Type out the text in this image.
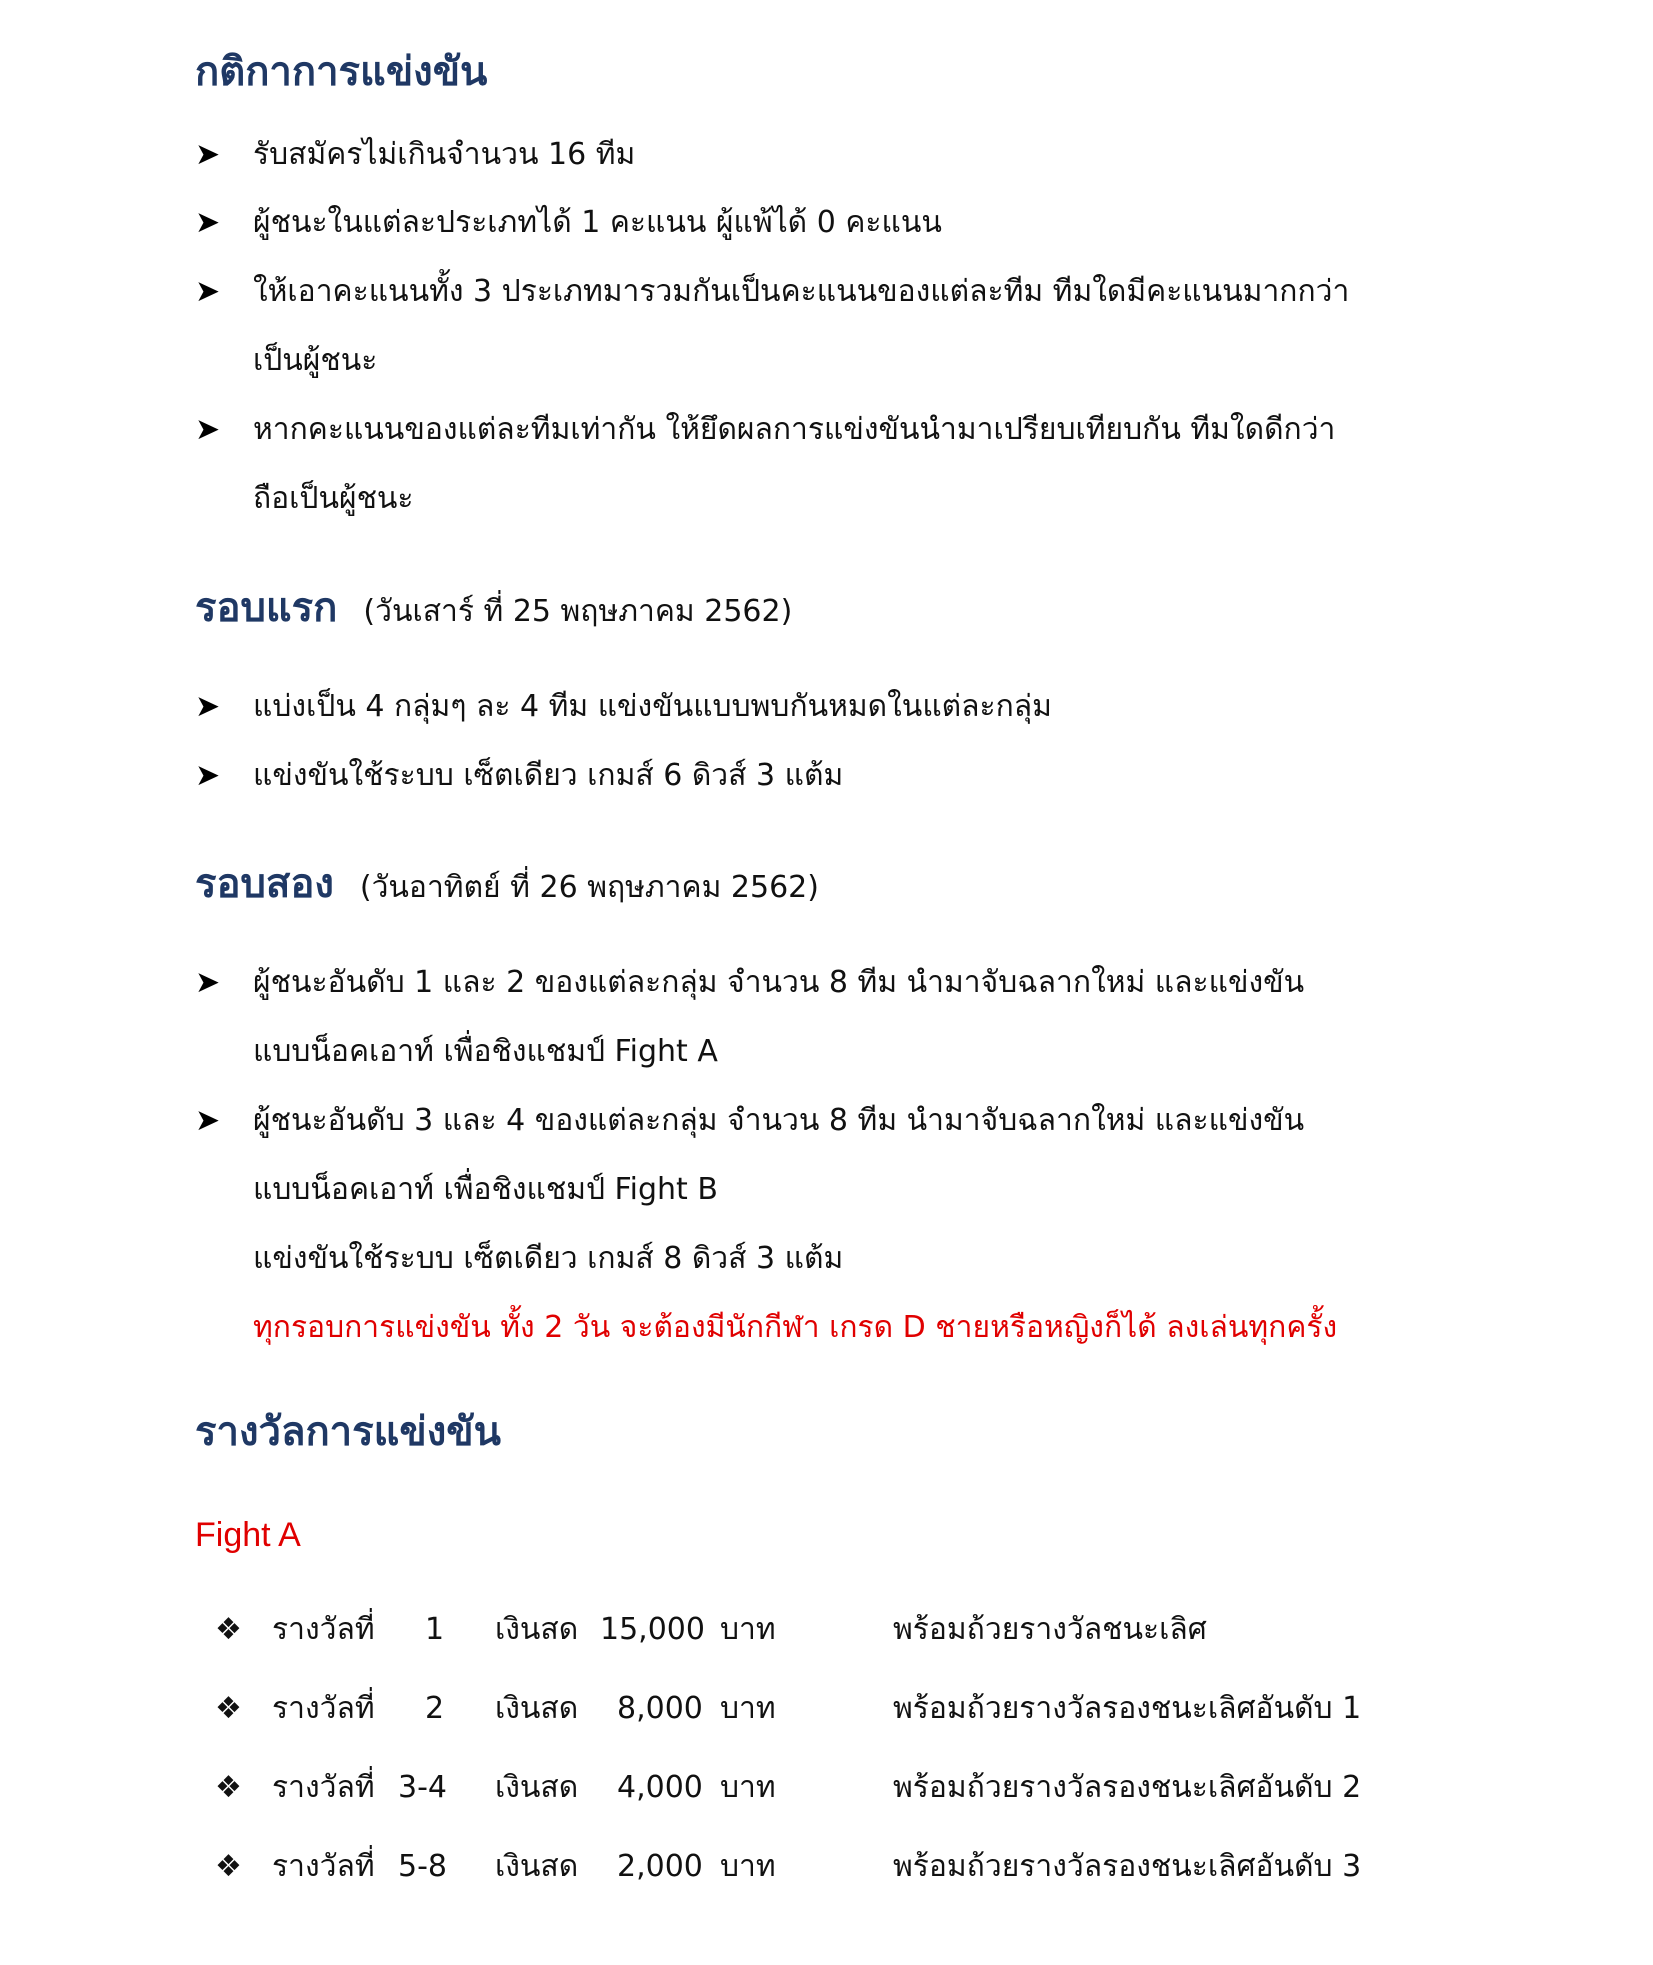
กติกาการแข่งขัน
➤ รับสมัครไม่เกินจำนวน 16 ทีม
➤ ผู้ชนะในแต่ละประเภทได้ 1 คะแนน ผู้แพ้ได้ 0 คะแนน
➤ ให้เอาคะแนนทั้ง 3 ประเภทมารวมกันเป็นคะแนนของแต่ละทีม ทีมใดมีคะแนนมากกว่า
เป็นผู้ชนะ
➤ หากคะแนนของแต่ละทีมเท่ากัน ให้ยึดผลการแข่งขันนำมาเปรียบเทียบกัน ทีมใดดีกว่า
ถือเป็นผู้ชนะ
รอบแรก (วันเสาร์ ที่ 25 พฤษภาคม 2562)
➤ แบ่งเป็น 4 กลุ่มๆ ละ 4 ทีม แข่งขันแบบพบกันหมดในแต่ละกลุ่ม
➤ แข่งขันใช้ระบบ เซ็ตเดียว เกมส์ 6 ดิวส์ 3 แต้ม
รอบสอง (วันอาทิตย์ ที่ 26 พฤษภาคม 2562)
➤ ผู้ชนะอันดับ 1 และ 2 ของแต่ละกลุ่ม จำนวน 8 ทีม นำมาจับฉลากใหม่ และแข่งขัน
แบบน็อคเอาท์ เพื่อชิงแชมป์ Fight A
➤ ผู้ชนะอันดับ 3 และ 4 ของแต่ละกลุ่ม จำนวน 8 ทีม นำมาจับฉลากใหม่ และแข่งขัน
แบบน็อคเอาท์ เพื่อชิงแชมป์ Fight B
แข่งขันใช้ระบบ เซ็ตเดียว เกมส์ 8 ดิวส์ 3 แต้ม
ทุกรอบการแข่งขัน ทั้ง 2 วัน จะต้องมีนักกีฬา เกรด D ชายหรือหญิงก็ได้ ลงเล่นทุกครั้ง
รางวัลการแข่งขัน
Fight A
❖ รางวัลที่ 1 เงินสด 15,000 บาท	พร้อมถ้วยรางวัลชนะเลิศ
❖ รางวัลที่ 2 เงินสด 8,000 บาท	พร้อมถ้วยรางวัลรองชนะเลิศอันดับ 1
❖ รางวัลที่ 3-4 เงินสด 4,000 บาท	พร้อมถ้วยรางวัลรองชนะเลิศอันดับ 2
❖ รางวัลที่ 5-8 เงินสด 2,000 บาท	พร้อมถ้วยรางวัลรองชนะเลิศอันดับ 3
